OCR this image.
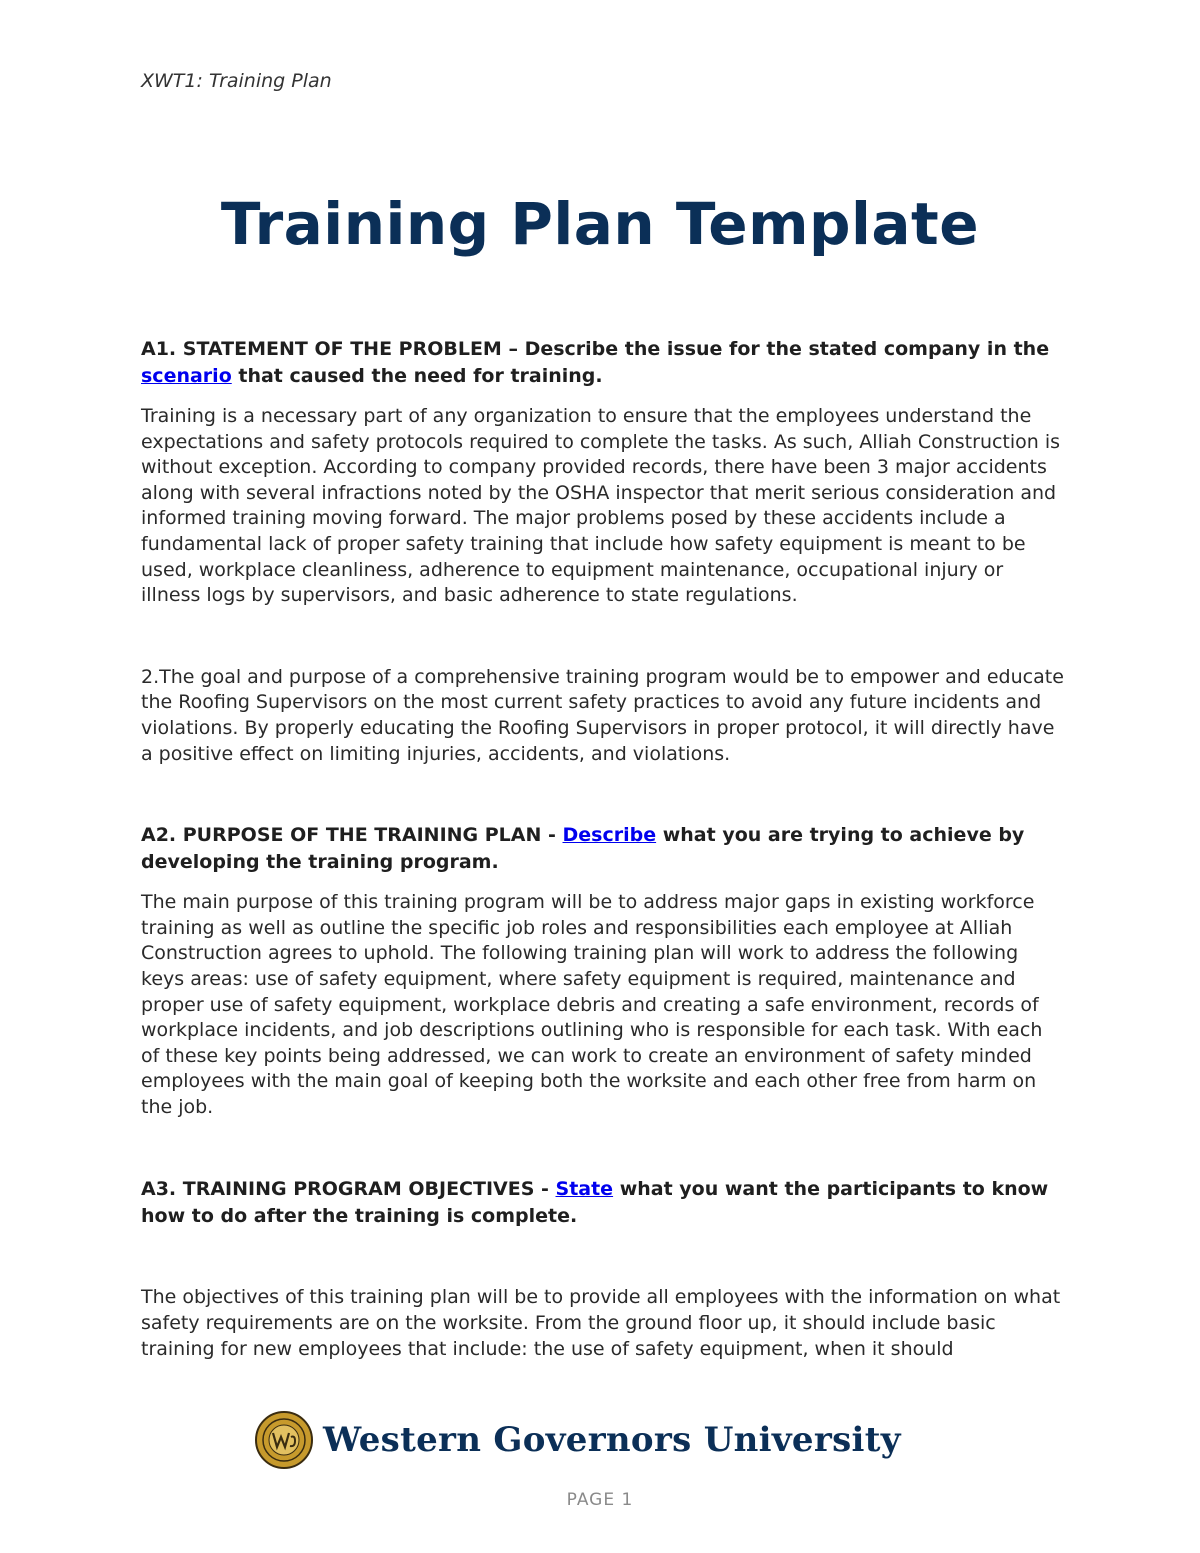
XWT1: Training Plan
Training Plan Template

A1. STATEMENT OF THE PROBLEM – Describe the issue for the stated company in the scenario that caused the need for training.

Training is a necessary part of any organization to ensure that the employees understand the expectations and safety protocols required to complete the tasks. As such, Alliah Construction is without exception. According to company provided records, there have been 3 major accidents along with several infractions noted by the OSHA inspector that merit serious consideration and informed training moving forward. The major problems posed by these accidents include a fundamental lack of proper safety training that include how safety equipment is meant to be used, workplace cleanliness, adherence to equipment maintenance, occupational injury or illness logs by supervisors, and basic adherence to state regulations.

2.The goal and purpose of a comprehensive training program would be to empower and educate the Roofing Supervisors on the most current safety practices to avoid any future incidents and violations. By properly educating the Roofing Supervisors in proper protocol, it will directly have a positive effect on limiting injuries, accidents, and violations.

A2. PURPOSE OF THE TRAINING PLAN - Describe what you are trying to achieve by developing the training program.

The main purpose of this training program will be to address major gaps in existing workforce training as well as outline the specific job roles and responsibilities each employee at Alliah Construction agrees to uphold. The following training plan will work to address the following keys areas: use of safety equipment, where safety equipment is required, maintenance and proper use of safety equipment, workplace debris and creating a safe environment, records of workplace incidents, and job descriptions outlining who is responsible for each task. With each of these key points being addressed, we can work to create an environment of safety minded employees with the main goal of keeping both the worksite and each other free from harm on the job.

A3. TRAINING PROGRAM OBJECTIVES - State what you want the participants to know how to do after the training is complete.

The objectives of this training plan will be to provide all employees with the information on what safety requirements are on the worksite. From the ground floor up, it should include basic training for new employees that include: the use of safety equipment, when it should

Western Governors University
PAGE 1
